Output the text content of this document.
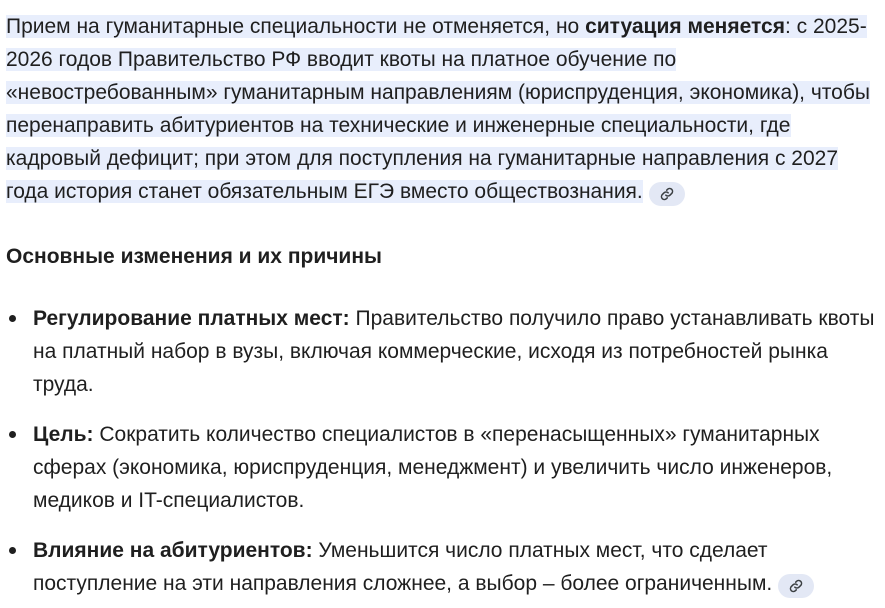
Прием на гуманитарные специальности не отменяется, но ситуация меняется: с 2025-2026 годов Правительство РФ вводит квоты на платное обучение по «невостребованным» гуманитарным направлениям (юриспруденция, экономика), чтобы перенаправить абитуриентов на технические и инженерные специальности, где кадровый дефицит; при этом для поступления на гуманитарные направления с 2027 года история станет обязательным ЕГЭ вместо обществознания.

Основные изменения и их причины
Регулирование платных мест: Правительство получило право устанавливать квоты на платный набор в вузы, включая коммерческие, исходя из потребностей рынка труда.
Цель: Сократить количество специалистов в «перенасыщенных» гуманитарных сферах (экономика, юриспруденция, менеджмент) и увеличить число инженеров, медиков и IT-специалистов.
Влияние на абитуриентов: Уменьшится число платных мест, что сделает поступление на эти направления сложнее, а выбор – более ограниченным.
